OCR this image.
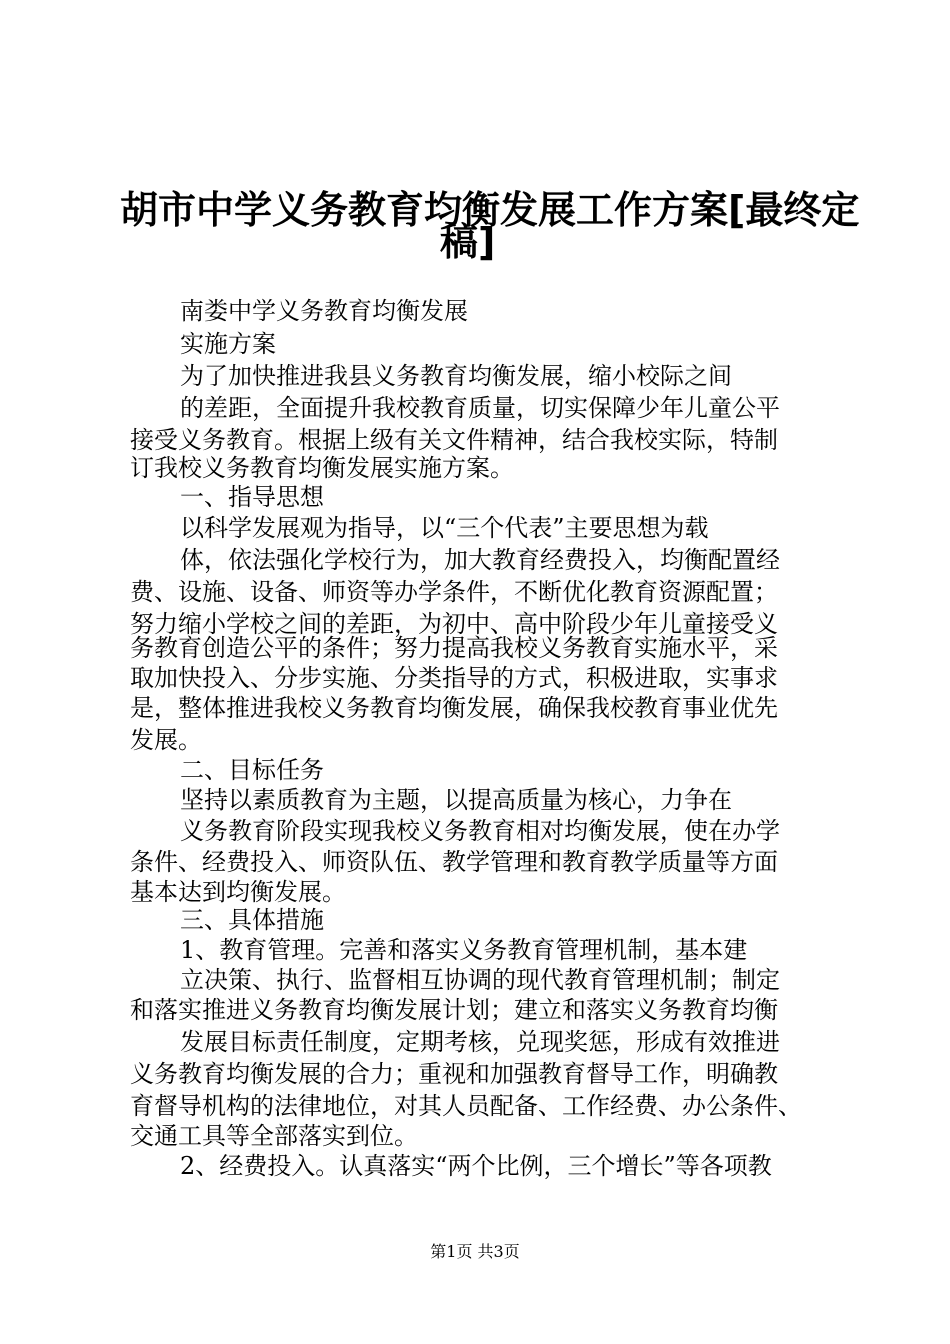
胡市中学义务教育均衡发展工作方案[最终定
稿]

南娄中学义务教育均衡发展

实施方案

为了加快推进我县义务教育均衡发展，缩小校际之间

的差距，全面提升我校教育质量，切实保障少年儿童公平

接受义务教育。根据上级有关文件精神，结合我校实际，特制

订我校义务教育均衡发展实施方案。

一、指导思想

以科学发展观为指导，以“三个代表”主要思想为载

体，依法强化学校行为，加大教育经费投入，均衡配置经

费、设施、设备、师资等办学条件，不断优化教育资源配置；

努力缩小学校之间的差距，为初中、高中阶段少年儿童接受义

务教育创造公平的条件；努力提高我校义务教育实施水平，采

取加快投入、分步实施、分类指导的方式，积极进取，实事求

是，整体推进我校义务教育均衡发展，确保我校教育事业优先

发展。

二、目标任务

坚持以素质教育为主题，以提高质量为核心，力争在

义务教育阶段实现我校义务教育相对均衡发展，使在办学

条件、经费投入、师资队伍、教学管理和教育教学质量等方面

基本达到均衡发展。

三、具体措施

1、教育管理。完善和落实义务教育管理机制，基本建

立决策、执行、监督相互协调的现代教育管理机制；制定

和落实推进义务教育均衡发展计划；建立和落实义务教育均衡

发展目标责任制度，定期考核，兑现奖惩，形成有效推进

义务教育均衡发展的合力；重视和加强教育督导工作，明确教

育督导机构的法律地位，对其人员配备、工作经费、办公条件、

交通工具等全部落实到位。

2、经费投入。认真落实“两个比例，三个增长”等各项教

第1页 共3页
